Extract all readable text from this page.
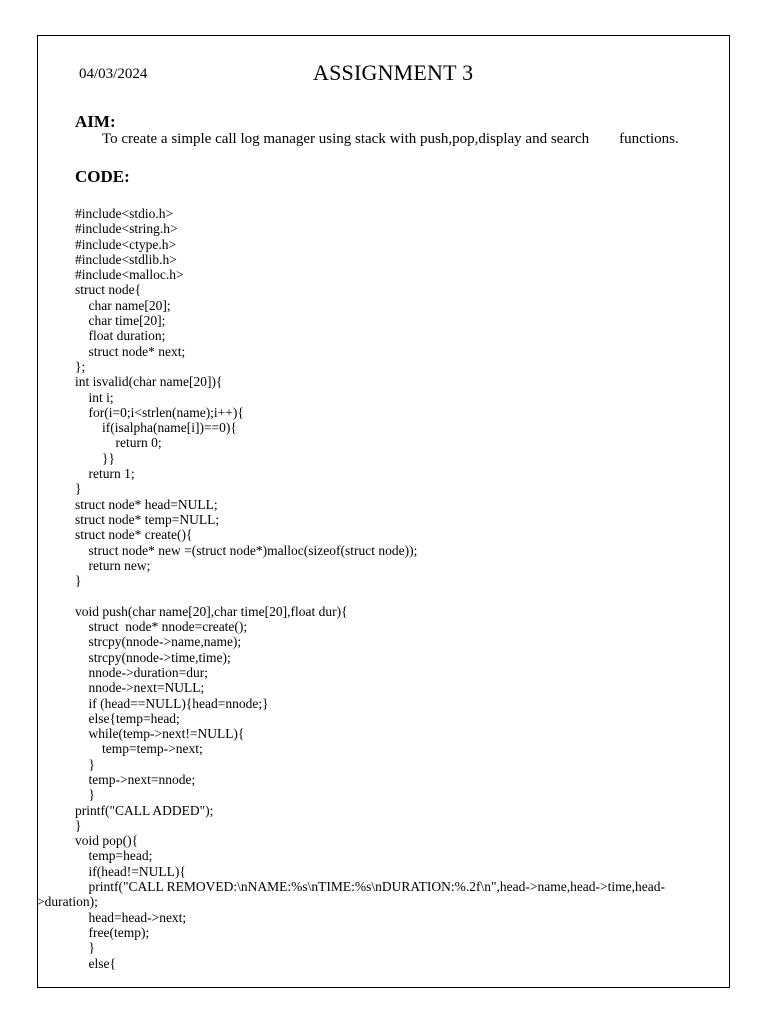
04/03/2024	ASSIGNMENT 3
AIM:
To create a simple call log manager using stack with push,pop,display and search        functions.
CODE:
#include<stdio.h>
#include<string.h>
#include<ctype.h>
#include<stdlib.h>
#include<malloc.h>
struct node{
char name[20];
char time[20];
float duration;
struct node* next;
};
int isvalid(char name[20]){
int i;
for(i=0;i<strlen(name);i++){
if(isalpha(name[i])==0){
return 0;
}}
return 1;
}
struct node* head=NULL;
struct node* temp=NULL;
struct node* create(){
struct node* new =(struct node*)malloc(sizeof(struct node));
return new;
}
void push(char name[20],char time[20],float dur){
struct  node* nnode=create();
strcpy(nnode->name,name);
strcpy(nnode->time,time);
nnode->duration=dur;
nnode->next=NULL;
if (head==NULL){head=nnode;}
else{temp=head;
while(temp->next!=NULL){
temp=temp->next;
}
temp->next=nnode;
}
printf("CALL ADDED");
}
void pop(){
temp=head;
if(head!=NULL){
printf("CALL REMOVED:\nNAME:%s\nTIME:%s\nDURATION:%.2f\n",head->name,head->time,head-
>duration);
head=head->next;
free(temp);
}
else{
